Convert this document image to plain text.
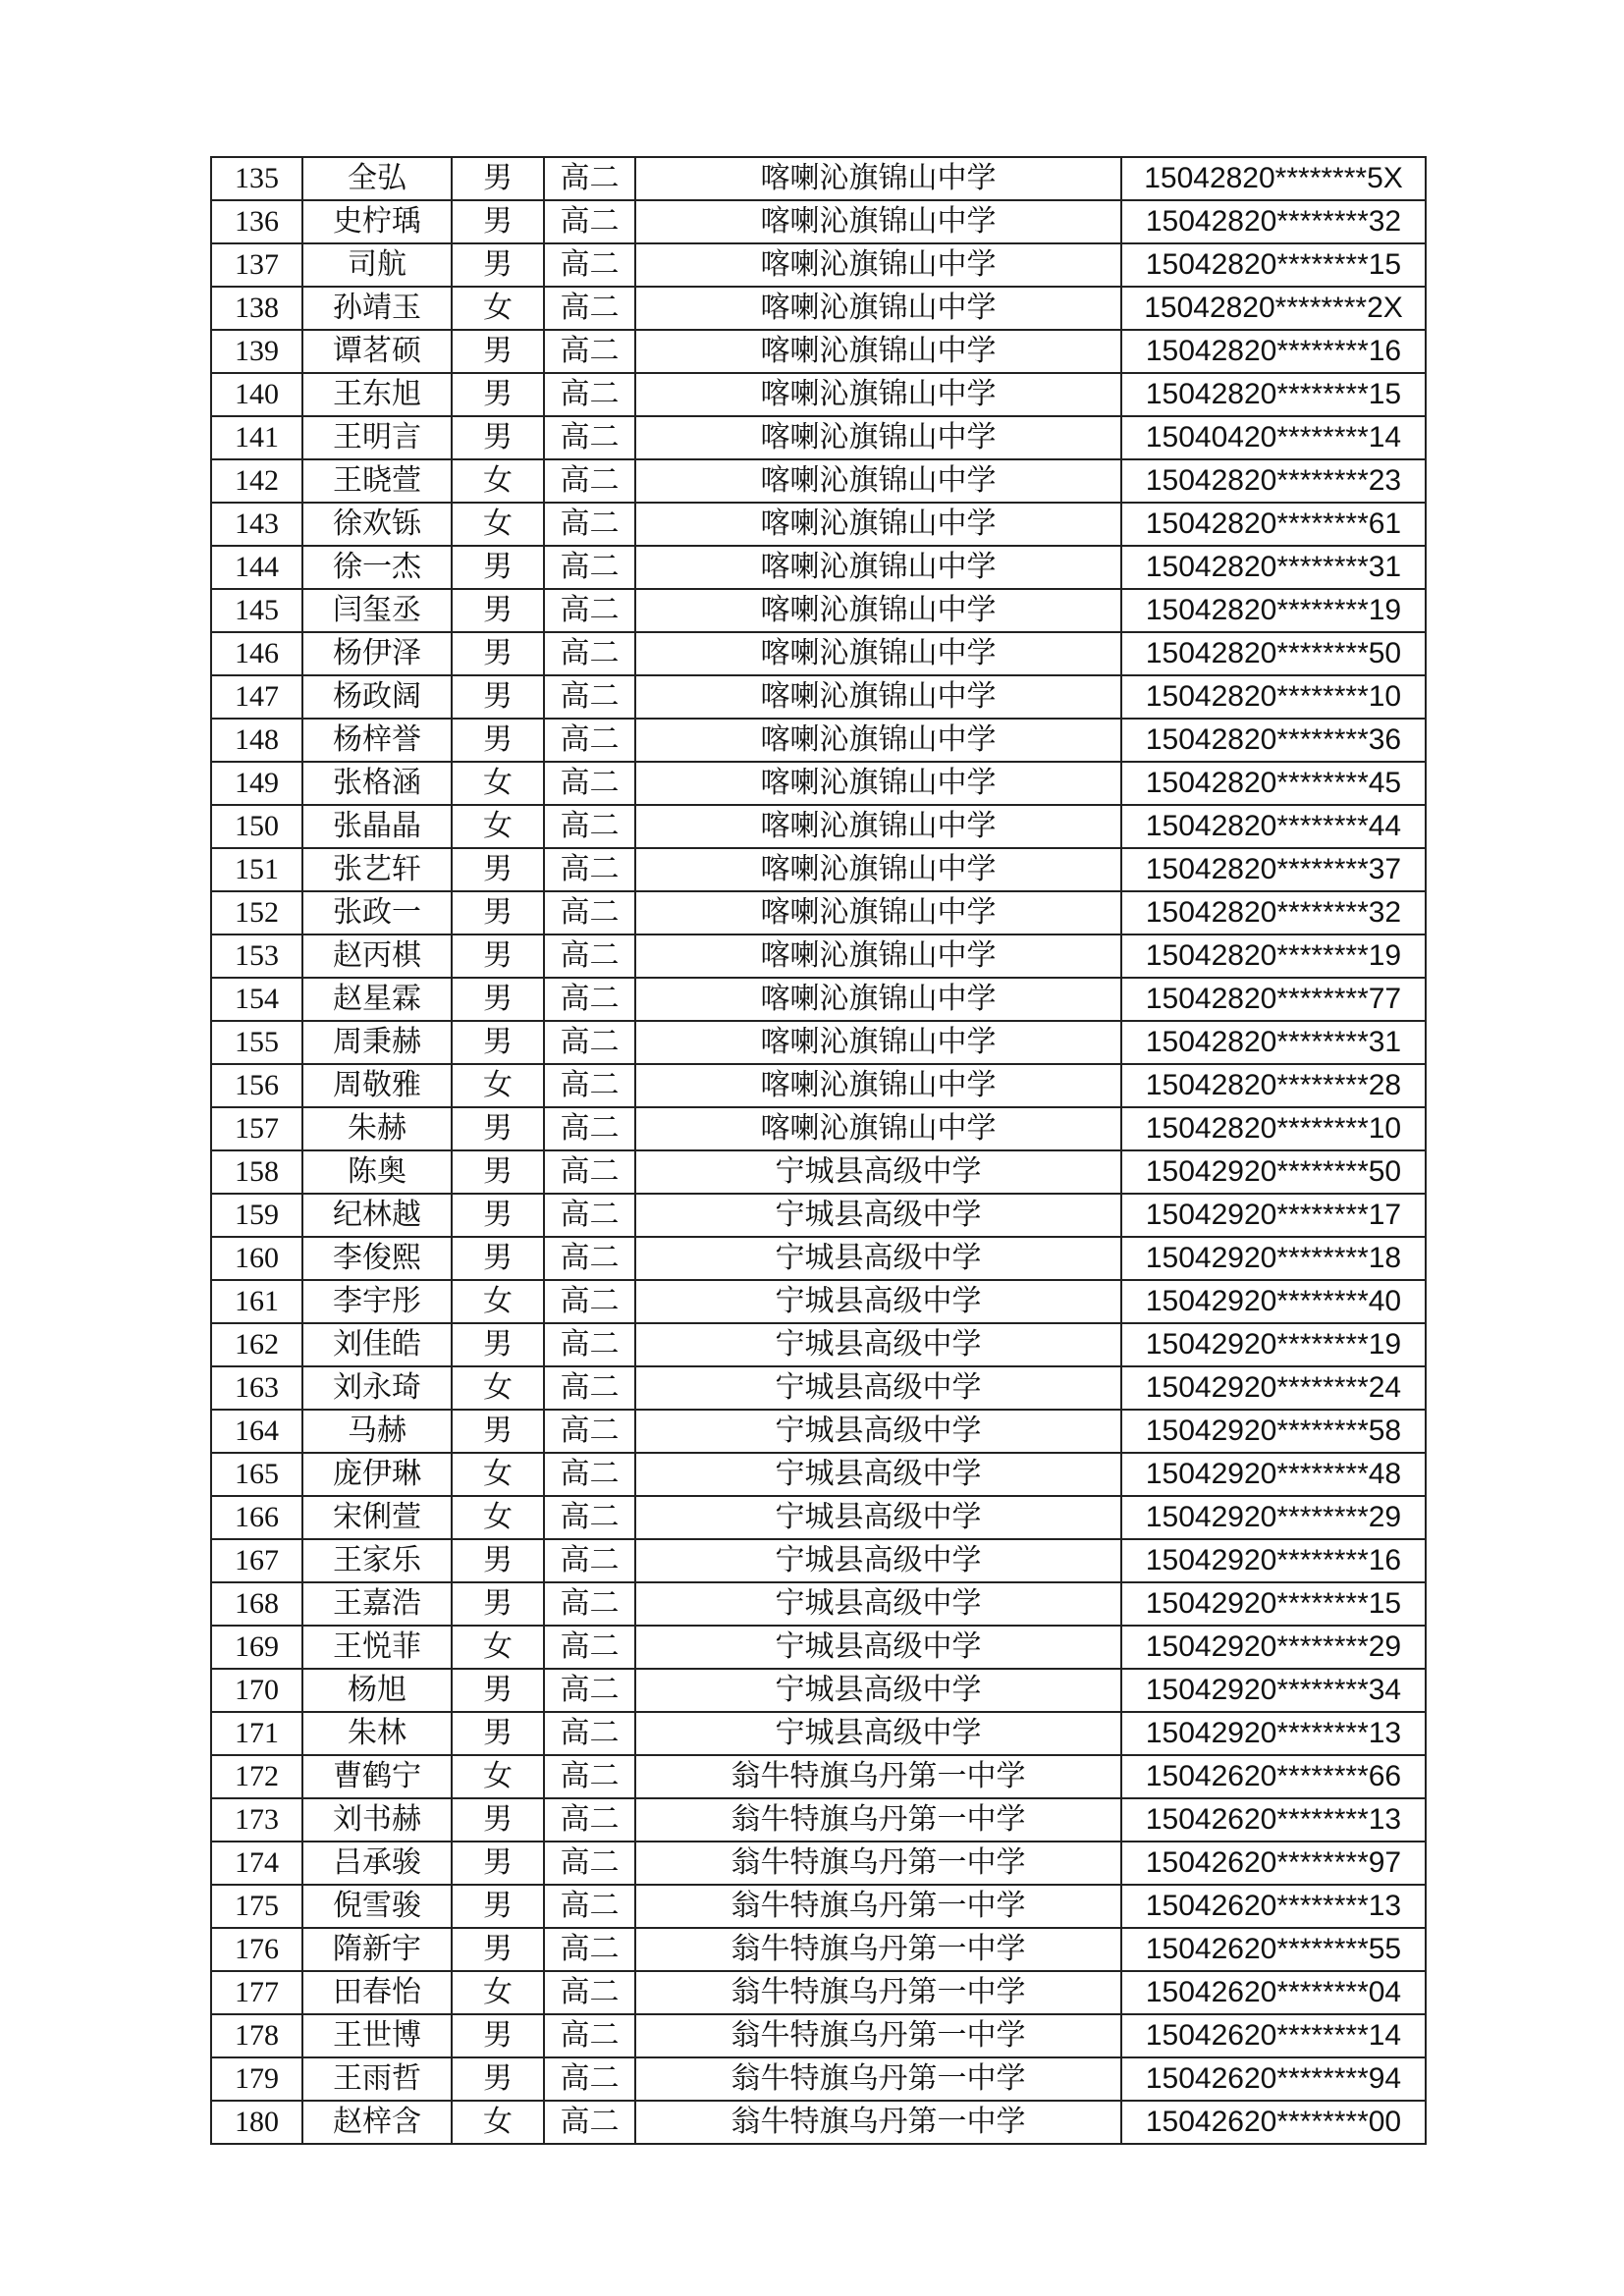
135	全弘	男	高二	喀喇沁旗锦山中学	15042820********5X
136	史柠瑀	男	高二	喀喇沁旗锦山中学	15042820********32
137	司航	男	高二	喀喇沁旗锦山中学	15042820********15
138	孙靖玉	女	高二	喀喇沁旗锦山中学	15042820********2X
139	谭茗硕	男	高二	喀喇沁旗锦山中学	15042820********16
140	王东旭	男	高二	喀喇沁旗锦山中学	15042820********15
141	王明言	男	高二	喀喇沁旗锦山中学	15040420********14
142	王晓萱	女	高二	喀喇沁旗锦山中学	15042820********23
143	徐欢铄	女	高二	喀喇沁旗锦山中学	15042820********61
144	徐一杰	男	高二	喀喇沁旗锦山中学	15042820********31
145	闫玺丞	男	高二	喀喇沁旗锦山中学	15042820********19
146	杨伊泽	男	高二	喀喇沁旗锦山中学	15042820********50
147	杨政阔	男	高二	喀喇沁旗锦山中学	15042820********10
148	杨梓誉	男	高二	喀喇沁旗锦山中学	15042820********36
149	张格涵	女	高二	喀喇沁旗锦山中学	15042820********45
150	张晶晶	女	高二	喀喇沁旗锦山中学	15042820********44
151	张艺轩	男	高二	喀喇沁旗锦山中学	15042820********37
152	张政一	男	高二	喀喇沁旗锦山中学	15042820********32
153	赵丙棋	男	高二	喀喇沁旗锦山中学	15042820********19
154	赵星霖	男	高二	喀喇沁旗锦山中学	15042820********77
155	周秉赫	男	高二	喀喇沁旗锦山中学	15042820********31
156	周敬雅	女	高二	喀喇沁旗锦山中学	15042820********28
157	朱赫	男	高二	喀喇沁旗锦山中学	15042820********10
158	陈奥	男	高二	宁城县高级中学	15042920********50
159	纪林越	男	高二	宁城县高级中学	15042920********17
160	李俊熙	男	高二	宁城县高级中学	15042920********18
161	李宇彤	女	高二	宁城县高级中学	15042920********40
162	刘佳皓	男	高二	宁城县高级中学	15042920********19
163	刘永琦	女	高二	宁城县高级中学	15042920********24
164	马赫	男	高二	宁城县高级中学	15042920********58
165	庞伊琳	女	高二	宁城县高级中学	15042920********48
166	宋俐萱	女	高二	宁城县高级中学	15042920********29
167	王家乐	男	高二	宁城县高级中学	15042920********16
168	王嘉浩	男	高二	宁城县高级中学	15042920********15
169	王悦菲	女	高二	宁城县高级中学	15042920********29
170	杨旭	男	高二	宁城县高级中学	15042920********34
171	朱林	男	高二	宁城县高级中学	15042920********13
172	曹鹤宁	女	高二	翁牛特旗乌丹第一中学	15042620********66
173	刘书赫	男	高二	翁牛特旗乌丹第一中学	15042620********13
174	吕承骏	男	高二	翁牛特旗乌丹第一中学	15042620********97
175	倪雪骏	男	高二	翁牛特旗乌丹第一中学	15042620********13
176	隋新宇	男	高二	翁牛特旗乌丹第一中学	15042620********55
177	田春怡	女	高二	翁牛特旗乌丹第一中学	15042620********04
178	王世博	男	高二	翁牛特旗乌丹第一中学	15042620********14
179	王雨哲	男	高二	翁牛特旗乌丹第一中学	15042620********94
180	赵梓含	女	高二	翁牛特旗乌丹第一中学	15042620********00
